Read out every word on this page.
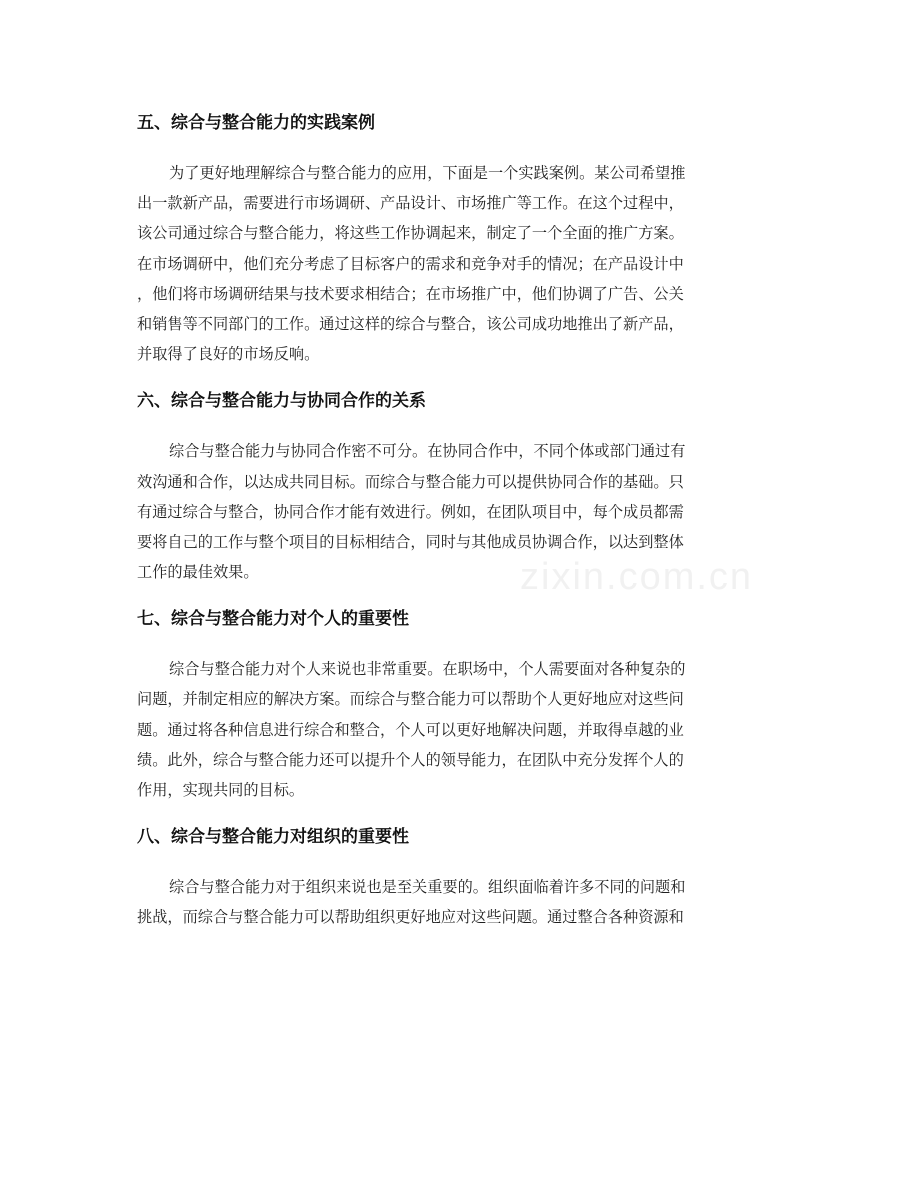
五、综合与整合能力的实践案例

为了更好地理解综合与整合能力的应用，下面是一个实践案例。某公司希望推
出一款新产品，需要进行市场调研、产品设计、市场推广等工作。在这个过程中，
该公司通过综合与整合能力，将这些工作协调起来，制定了一个全面的推广方案。
在市场调研中，他们充分考虑了目标客户的需求和竞争对手的情况；在产品设计中
，他们将市场调研结果与技术要求相结合；在市场推广中，他们协调了广告、公关
和销售等不同部门的工作。通过这样的综合与整合，该公司成功地推出了新产品，
并取得了良好的市场反响。

六、综合与整合能力与协同合作的关系

综合与整合能力与协同合作密不可分。在协同合作中，不同个体或部门通过有
效沟通和合作，以达成共同目标。而综合与整合能力可以提供协同合作的基础。只
有通过综合与整合，协同合作才能有效进行。例如，在团队项目中，每个成员都需
要将自己的工作与整个项目的目标相结合，同时与其他成员协调合作，以达到整体
工作的最佳效果。

七、综合与整合能力对个人的重要性

综合与整合能力对个人来说也非常重要。在职场中，个人需要面对各种复杂的
问题，并制定相应的解决方案。而综合与整合能力可以帮助个人更好地应对这些问
题。通过将各种信息进行综合和整合，个人可以更好地解决问题，并取得卓越的业
绩。此外，综合与整合能力还可以提升个人的领导能力，在团队中充分发挥个人的
作用，实现共同的目标。

八、综合与整合能力对组织的重要性

综合与整合能力对于组织来说也是至关重要的。组织面临着许多不同的问题和
挑战，而综合与整合能力可以帮助组织更好地应对这些问题。通过整合各种资源和

zixin.com.cn
